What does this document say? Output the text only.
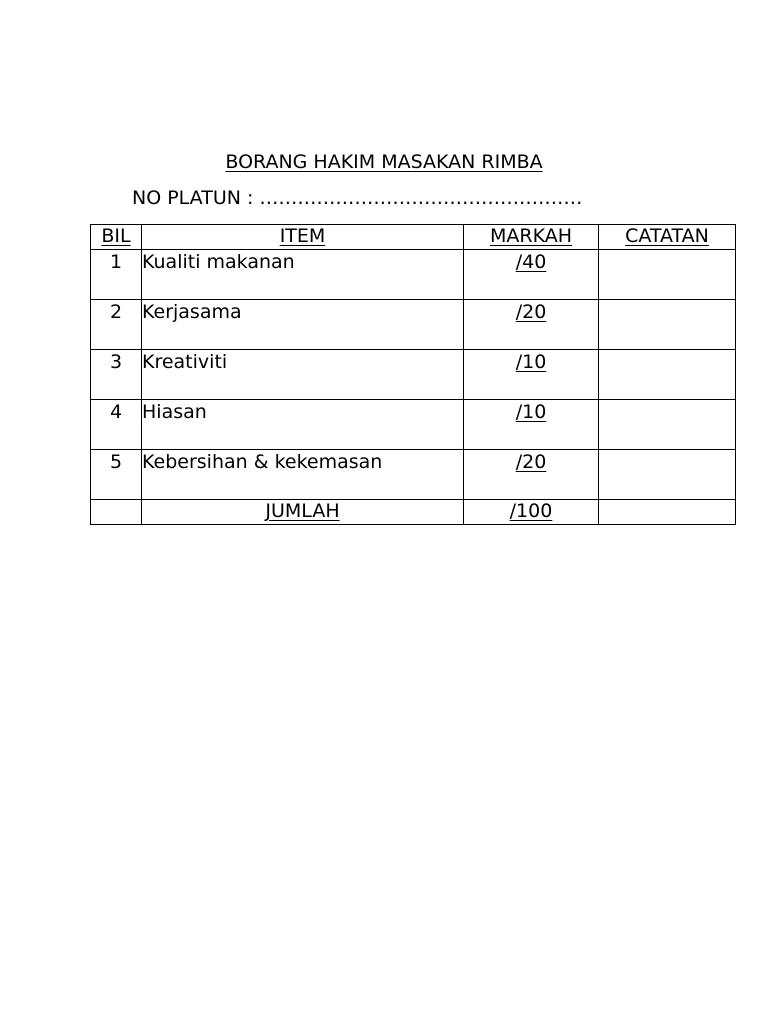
BORANG HAKIM MASAKAN RIMBA
NO PLATUN : ……………………………………………
BIL	ITEM	MARKAH	CATATAN
1	Kualiti makanan	/40	
2	Kerjasama	/20	
3	Kreativiti	/10	
4	Hiasan	/10	
5	Kebersihan & kekemasan	/20	
	JUMLAH	/100	
